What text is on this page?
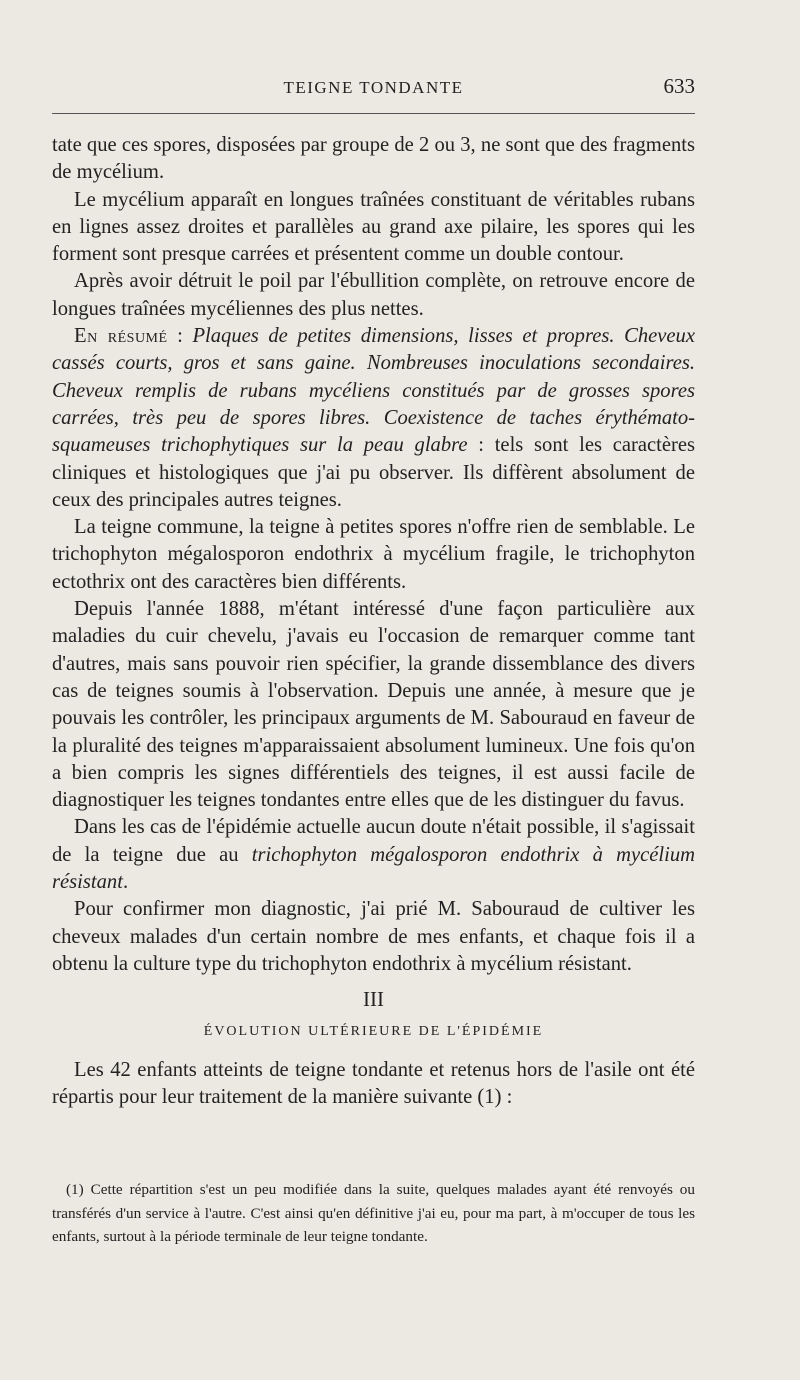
TEIGNE TONDANTE	633

tate que ces spores, disposées par groupe de 2 ou 3, ne sont que des fragments de mycélium.

Le mycélium apparaît en longues traînées constituant de véritables rubans en lignes assez droites et parallèles au grand axe pilaire, les spores qui les forment sont presque carrées et présentent comme un double contour.

Après avoir détruit le poil par l'ébullition complète, on retrouve encore de longues traînées mycéliennes des plus nettes.

En résumé : Plaques de petites dimensions, lisses et propres. Cheveux cassés courts, gros et sans gaine. Nombreuses inoculations secondaires. Cheveux remplis de rubans mycéliens constitués par de grosses spores carrées, très peu de spores libres. Coexistence de taches érythémato-squameuses trichophytiques sur la peau glabre : tels sont les caractères cliniques et histologiques que j'ai pu observer. Ils diffèrent absolument de ceux des principales autres teignes.

La teigne commune, la teigne à petites spores n'offre rien de semblable. Le trichophyton mégalosporon endothrix à mycélium fragile, le trichophyton ectothrix ont des caractères bien différents.

Depuis l'année 1888, m'étant intéressé d'une façon particulière aux maladies du cuir chevelu, j'avais eu l'occasion de remarquer comme tant d'autres, mais sans pouvoir rien spécifier, la grande dissemblance des divers cas de teignes soumis à l'observation. Depuis une année, à mesure que je pouvais les contrôler, les principaux arguments de M. Sabouraud en faveur de la pluralité des teignes m'apparaissaient absolument lumineux. Une fois qu'on a bien compris les signes différentiels des teignes, il est aussi facile de diagnostiquer les teignes tondantes entre elles que de les distinguer du favus.

Dans les cas de l'épidémie actuelle aucun doute n'était possible, il s'agissait de la teigne due au trichophyton mégalosporon endothrix à mycélium résistant.

Pour confirmer mon diagnostic, j'ai prié M. Sabouraud de cultiver les cheveux malades d'un certain nombre de mes enfants, et chaque fois il a obtenu la culture type du trichophyton endothrix à mycélium résistant.

III
ÉVOLUTION ULTÉRIEURE DE L'ÉPIDÉMIE

Les 42 enfants atteints de teigne tondante et retenus hors de l'asile ont été répartis pour leur traitement de la manière suivante (1) :

(1) Cette répartition s'est un peu modifiée dans la suite, quelques malades ayant été renvoyés ou transférés d'un service à l'autre. C'est ainsi qu'en définitive j'ai eu, pour ma part, à m'occuper de tous les enfants, surtout à la période terminale de leur teigne tondante.
